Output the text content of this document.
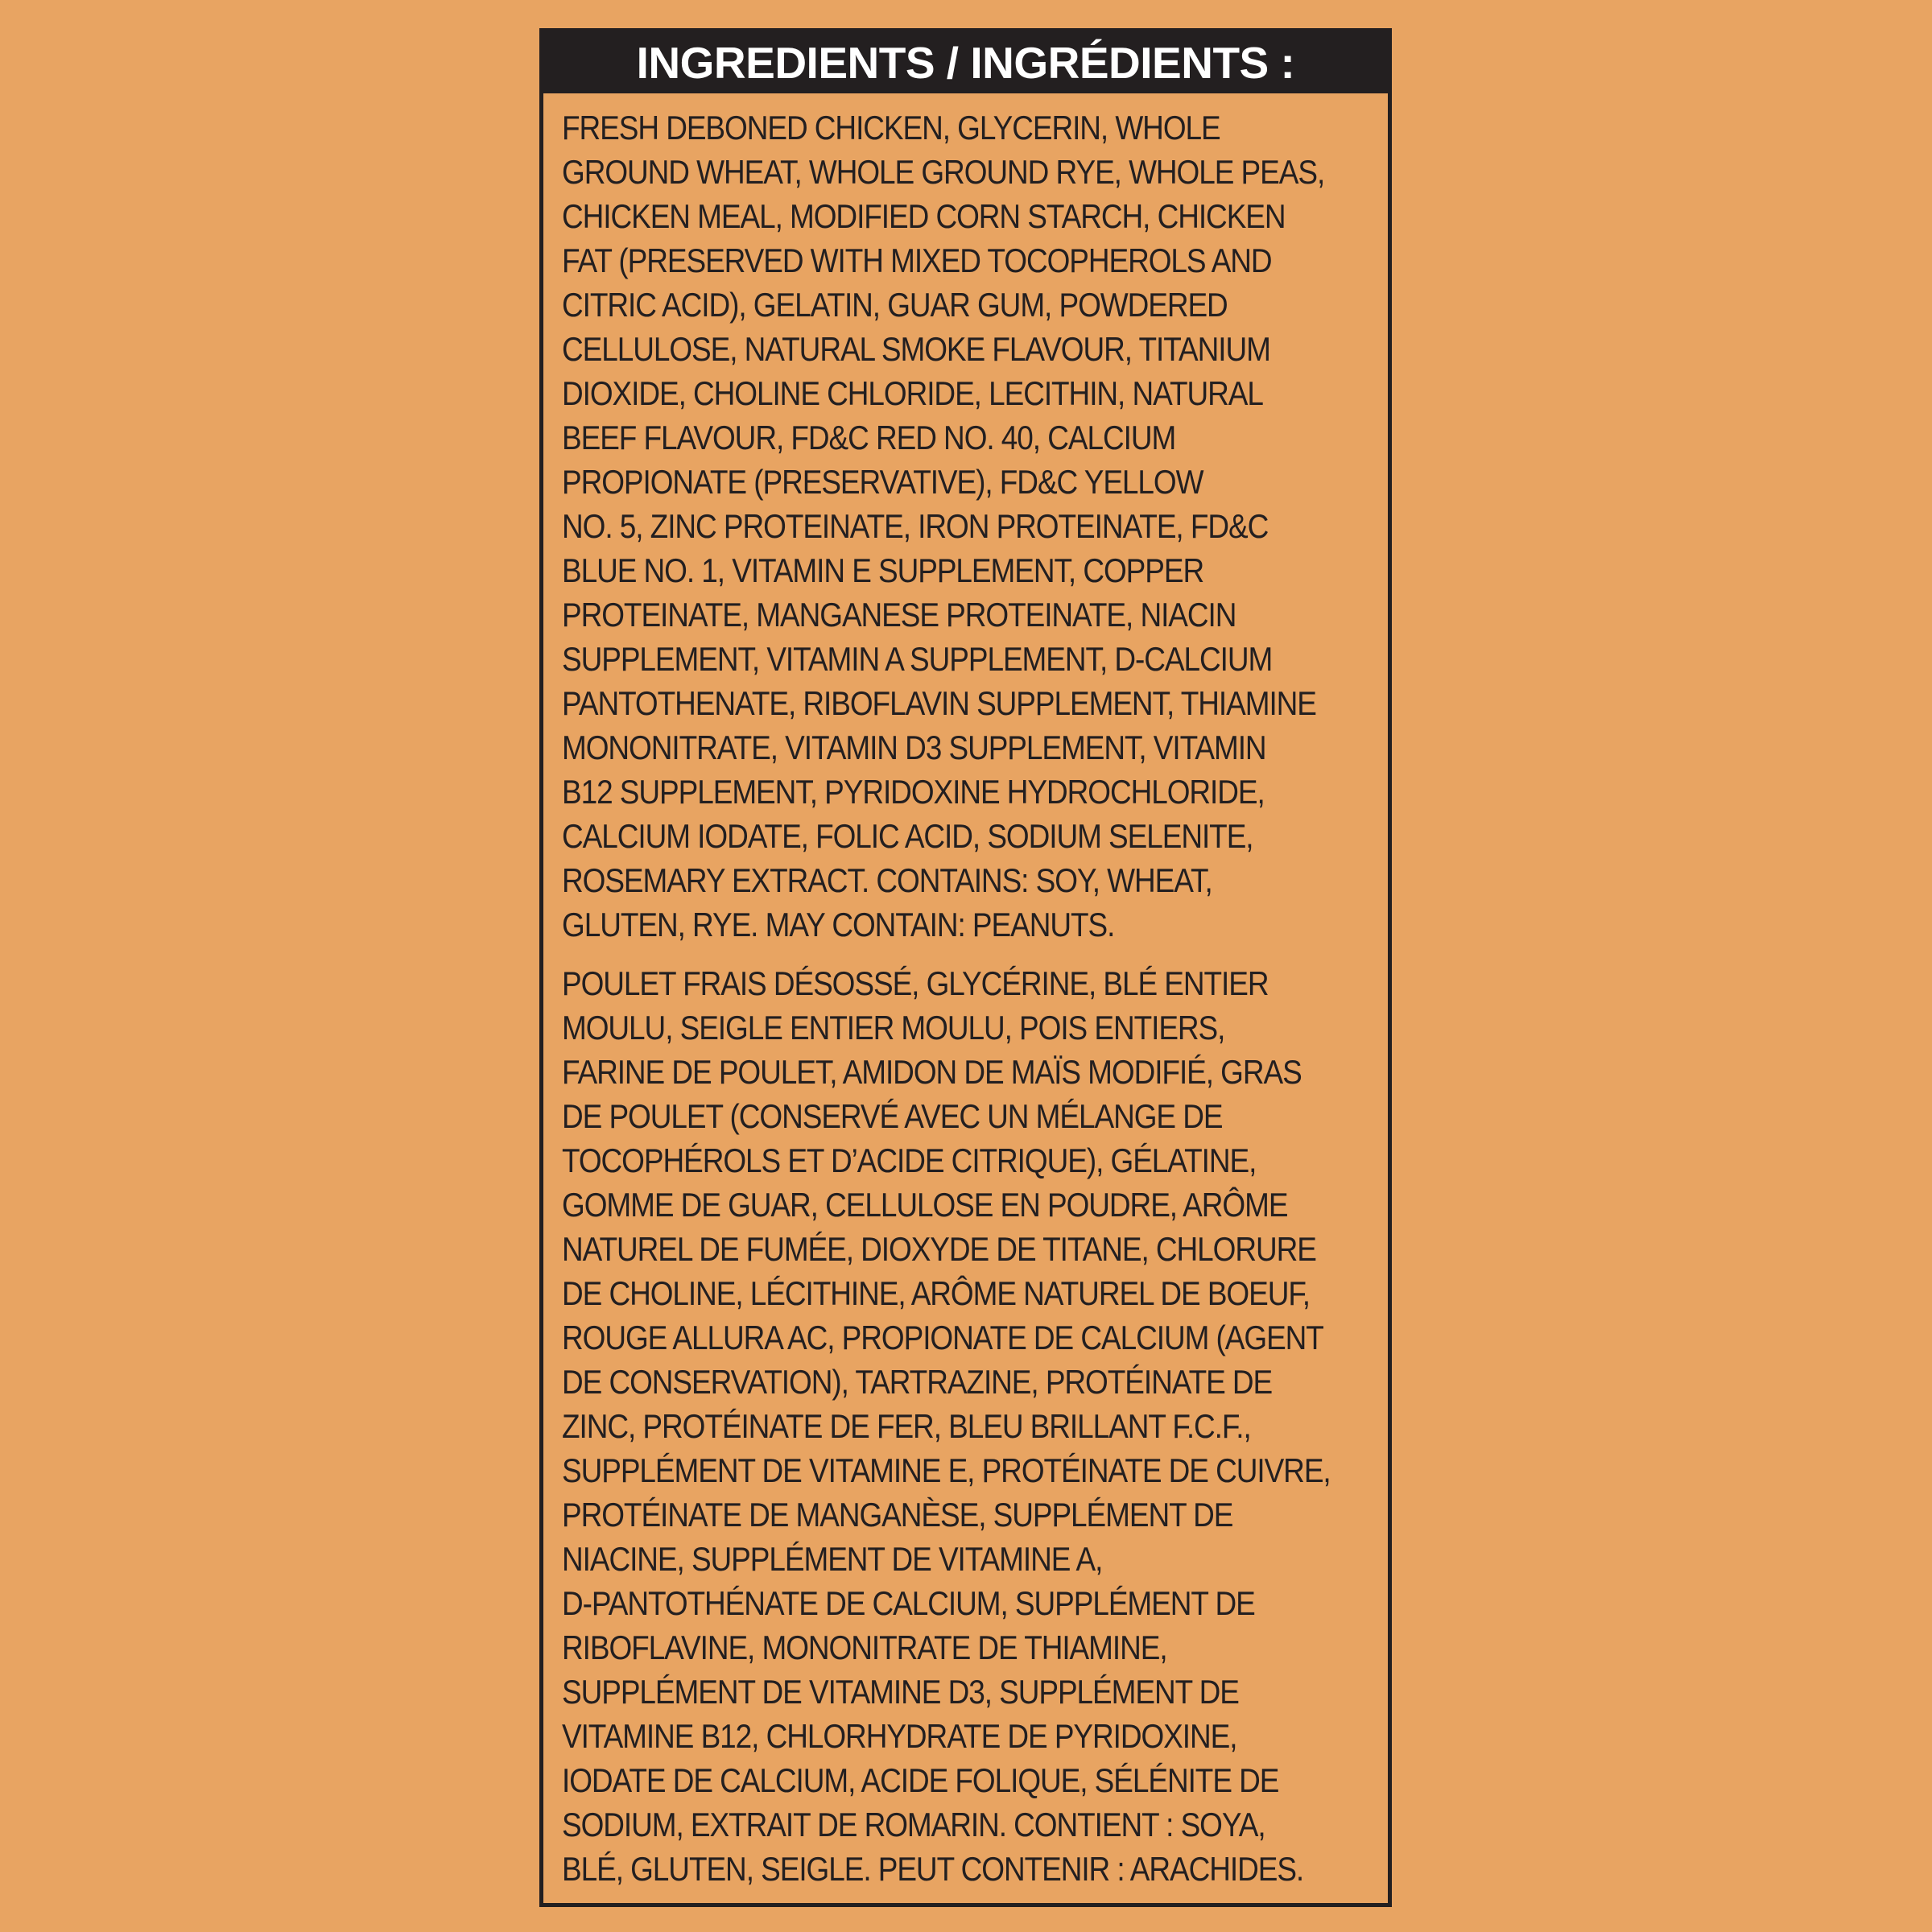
INGREDIENTS / INGRÉDIENTS :
FRESH DEBONED CHICKEN, GLYCERIN, WHOLE
GROUND WHEAT, WHOLE GROUND RYE, WHOLE PEAS,
CHICKEN MEAL, MODIFIED CORN STARCH, CHICKEN
FAT (PRESERVED WITH MIXED TOCOPHEROLS AND
CITRIC ACID), GELATIN, GUAR GUM, POWDERED
CELLULOSE, NATURAL SMOKE FLAVOUR, TITANIUM
DIOXIDE, CHOLINE CHLORIDE, LECITHIN, NATURAL
BEEF FLAVOUR, FD&C RED NO. 40, CALCIUM
PROPIONATE (PRESERVATIVE), FD&C YELLOW
NO. 5, ZINC PROTEINATE, IRON PROTEINATE, FD&C
BLUE NO. 1, VITAMIN E SUPPLEMENT, COPPER
PROTEINATE, MANGANESE PROTEINATE, NIACIN
SUPPLEMENT, VITAMIN A SUPPLEMENT, D-CALCIUM
PANTOTHENATE, RIBOFLAVIN SUPPLEMENT, THIAMINE
MONONITRATE, VITAMIN D3 SUPPLEMENT, VITAMIN
B12 SUPPLEMENT, PYRIDOXINE HYDROCHLORIDE,
CALCIUM IODATE, FOLIC ACID, SODIUM SELENITE,
ROSEMARY EXTRACT. CONTAINS: SOY, WHEAT,
GLUTEN, RYE. MAY CONTAIN: PEANUTS.
POULET FRAIS DÉSOSSÉ, GLYCÉRINE, BLÉ ENTIER
MOULU, SEIGLE ENTIER MOULU, POIS ENTIERS,
FARINE DE POULET, AMIDON DE MAÏS MODIFIÉ, GRAS
DE POULET (CONSERVÉ AVEC UN MÉLANGE DE
TOCOPHÉROLS ET D’ACIDE CITRIQUE), GÉLATINE,
GOMME DE GUAR, CELLULOSE EN POUDRE, ARÔME
NATUREL DE FUMÉE, DIOXYDE DE TITANE, CHLORURE
DE CHOLINE, LÉCITHINE, ARÔME NATUREL DE BOEUF,
ROUGE ALLURA AC, PROPIONATE DE CALCIUM (AGENT
DE CONSERVATION), TARTRAZINE, PROTÉINATE DE
ZINC, PROTÉINATE DE FER, BLEU BRILLANT F.C.F.,
SUPPLÉMENT DE VITAMINE E, PROTÉINATE DE CUIVRE,
PROTÉINATE DE MANGANÈSE, SUPPLÉMENT DE
NIACINE, SUPPLÉMENT DE VITAMINE A,
D-PANTOTHÉNATE DE CALCIUM, SUPPLÉMENT DE
RIBOFLAVINE, MONONITRATE DE THIAMINE,
SUPPLÉMENT DE VITAMINE D3, SUPPLÉMENT DE
VITAMINE B12, CHLORHYDRATE DE PYRIDOXINE,
IODATE DE CALCIUM, ACIDE FOLIQUE, SÉLÉNITE DE
SODIUM, EXTRAIT DE ROMARIN. CONTIENT : SOYA,
BLÉ, GLUTEN, SEIGLE. PEUT CONTENIR : ARACHIDES.
